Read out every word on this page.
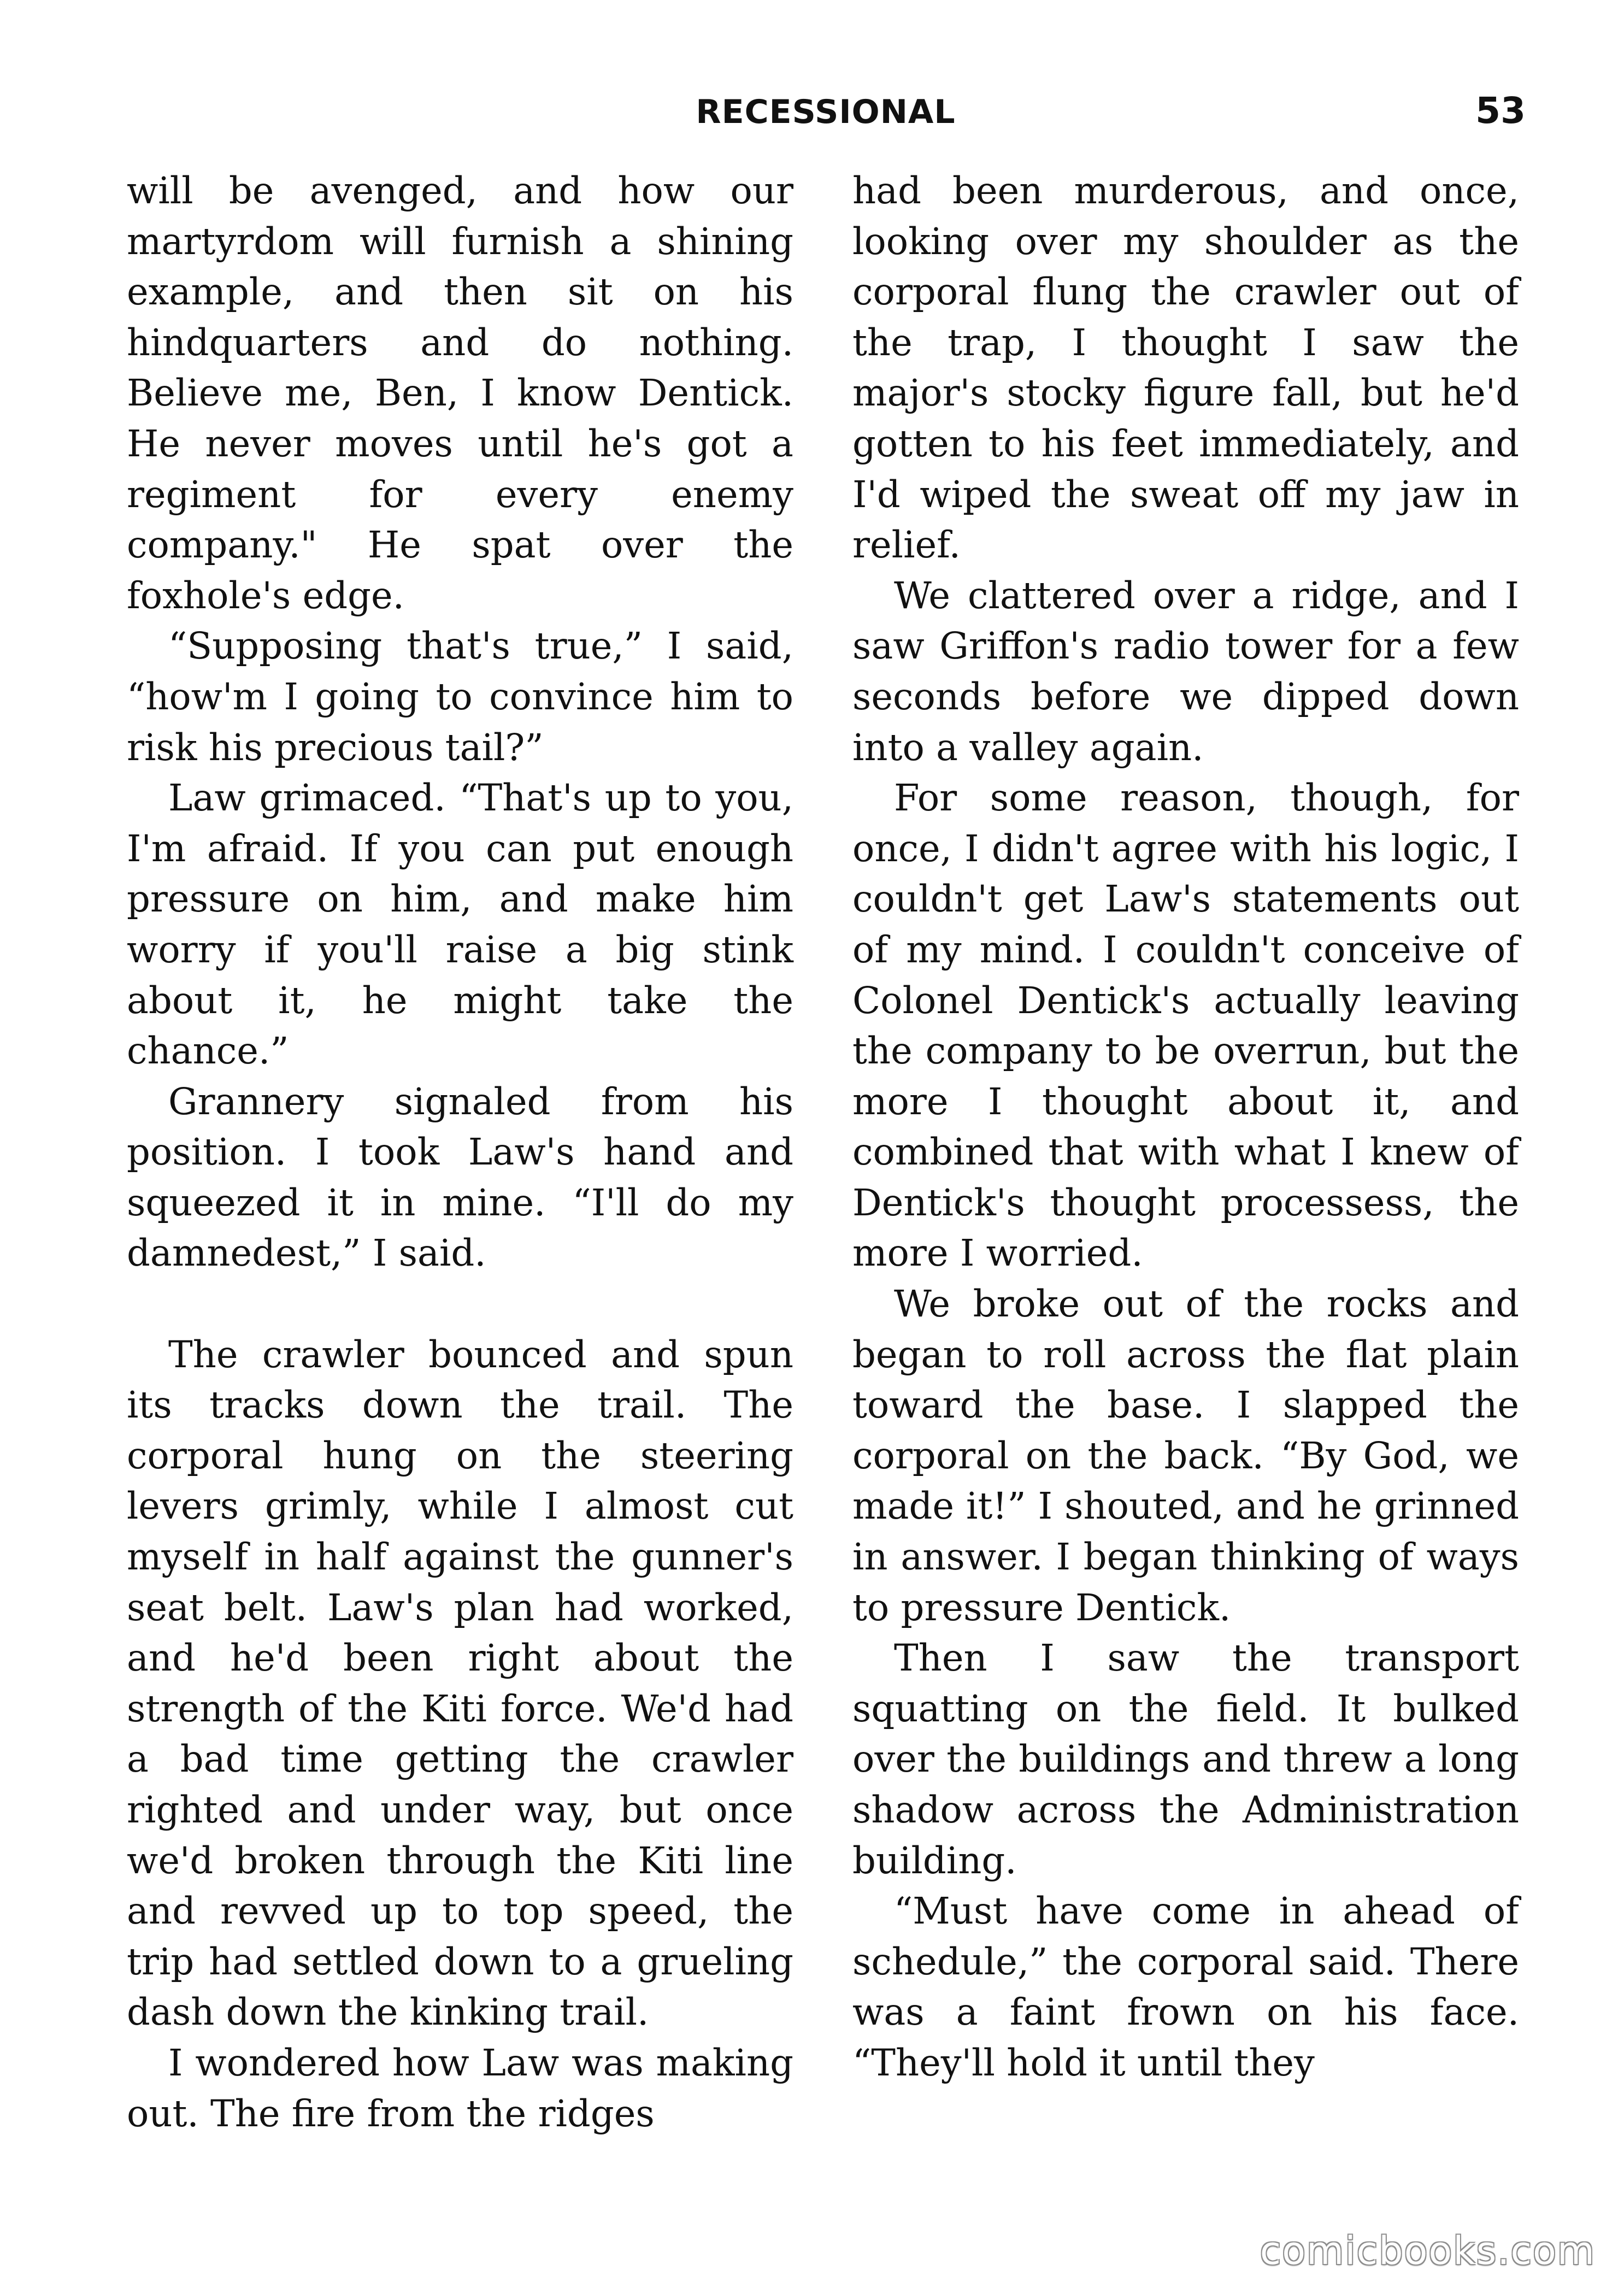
RECESSIONAL	53

will be avenged, and how our martyrdom will furnish a shining example, and then sit on his hindquarters and do nothing. Believe me, Ben, I know Dentick. He never moves until he's got a regiment for every enemy company." He spat over the foxhole's edge.

“Supposing that's true,” I said, “how'm I going to convince him to risk his precious tail?”

Law grimaced. “That's up to you, I'm afraid. If you can put enough pressure on him, and make him worry if you'll raise a big stink about it, he might take the chance.”

Grannery signaled from his position. I took Law's hand and squeezed it in mine. “I'll do my damnedest,” I said.

The crawler bounced and spun its tracks down the trail. The corporal hung on the steering levers grimly, while I almost cut myself in half against the gunner's seat belt. Law's plan had worked, and he'd been right about the strength of the Kiti force. We'd had a bad time getting the crawler righted and under way, but once we'd broken through the Kiti line and revved up to top speed, the trip had settled down to a grueling dash down the kinking trail.

I wondered how Law was making out. The fire from the ridges

had been murderous, and once, looking over my shoulder as the corporal flung the crawler out of the trap, I thought I saw the major's stocky figure fall, but he'd gotten to his feet immediately, and I'd wiped the sweat off my jaw in relief.

We clattered over a ridge, and I saw Griffon's radio tower for a few seconds before we dipped down into a valley again.

For some reason, though, for once, I didn't agree with his logic, I couldn't get Law's statements out of my mind. I couldn't conceive of Colonel Dentick's actually leaving the company to be overrun, but the more I thought about it, and combined that with what I knew of Dentick's thought processess, the more I worried.

We broke out of the rocks and began to roll across the flat plain toward the base. I slapped the corporal on the back. “By God, we made it!” I shouted, and he grinned in answer. I began thinking of ways to pressure Dentick.

Then I saw the transport squatting on the field. It bulked over the buildings and threw a long shadow across the Administration building.

“Must have come in ahead of schedule,” the corporal said. There was a faint frown on his face. “They'll hold it until they

comicbooks.com
